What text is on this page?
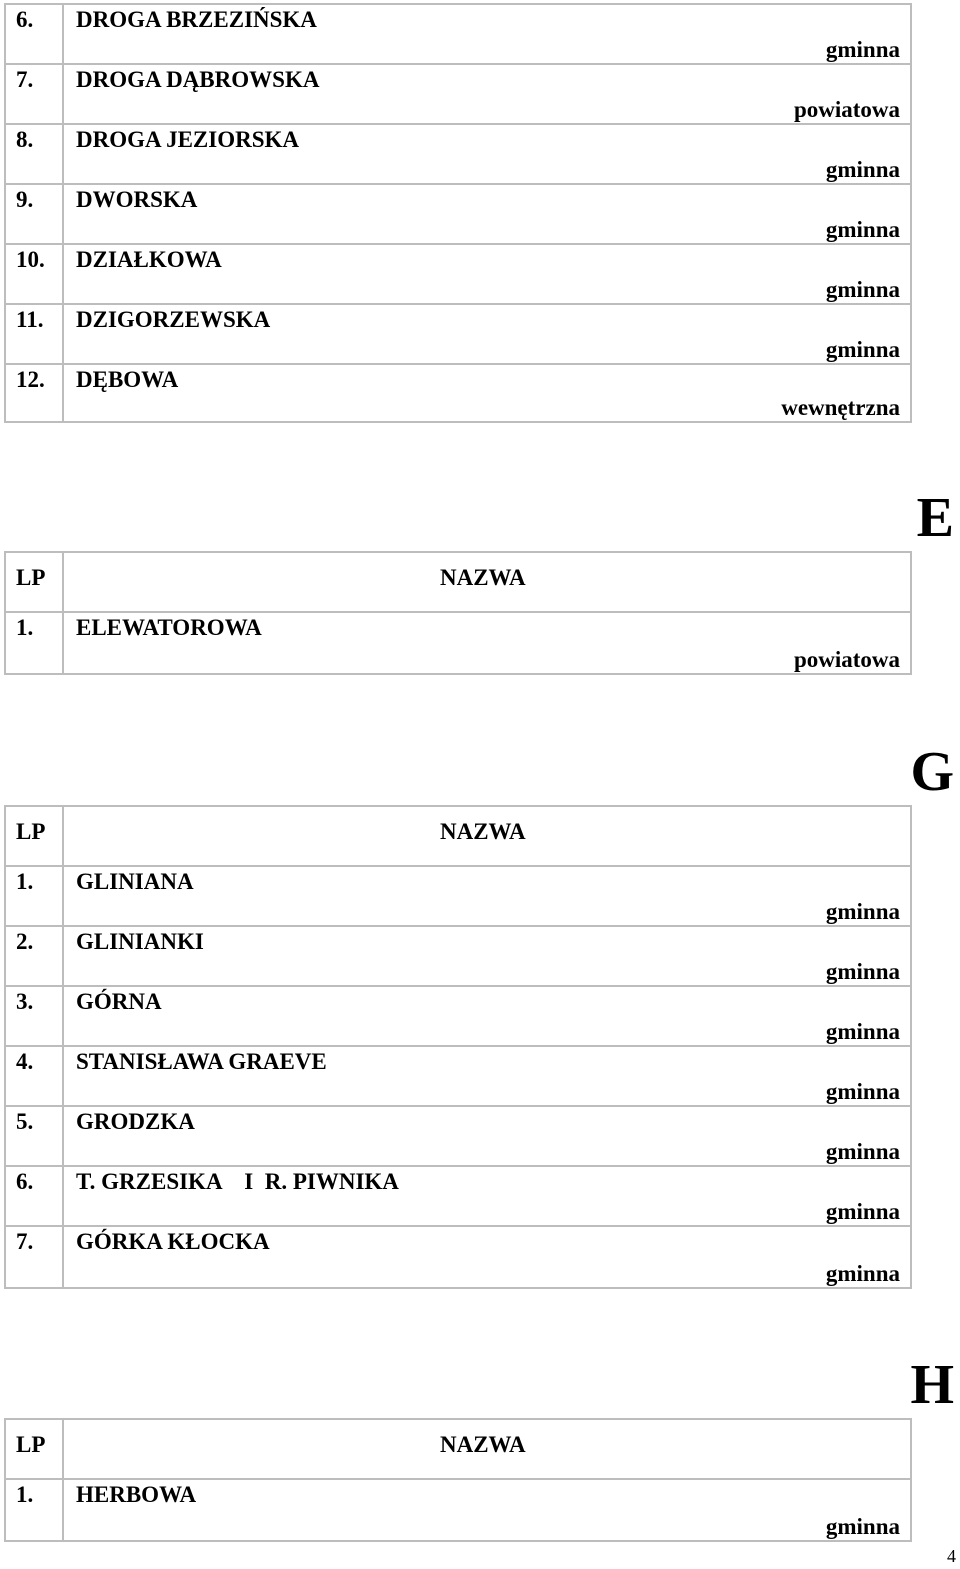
6. DROGA BRZEZIŃSKA
gminna
7. DROGA DĄBROWSKA
powiatowa
8. DROGA JEZIORSKA
gminna
9. DWORSKA
gminna
10. DZIAŁKOWA
gminna
11. DZIGORZEWSKA
gminna
12. DĘBOWA
wewnętrzna
E
LP	NAZWA
1. ELEWATOROWA
powiatowa
G
LP	NAZWA
1. GLINIANA
gminna
2. GLINIANKI
gminna
3. GÓRNA
gminna
4. STANISŁAWA GRAEVE
gminna
5. GRODZKA
gminna
6. T. GRZESIKA    I  R. PIWNIKA
gminna
7. GÓRKA KŁOCKA
gminna
H
LP	NAZWA
1. HERBOWA
gminna
4
